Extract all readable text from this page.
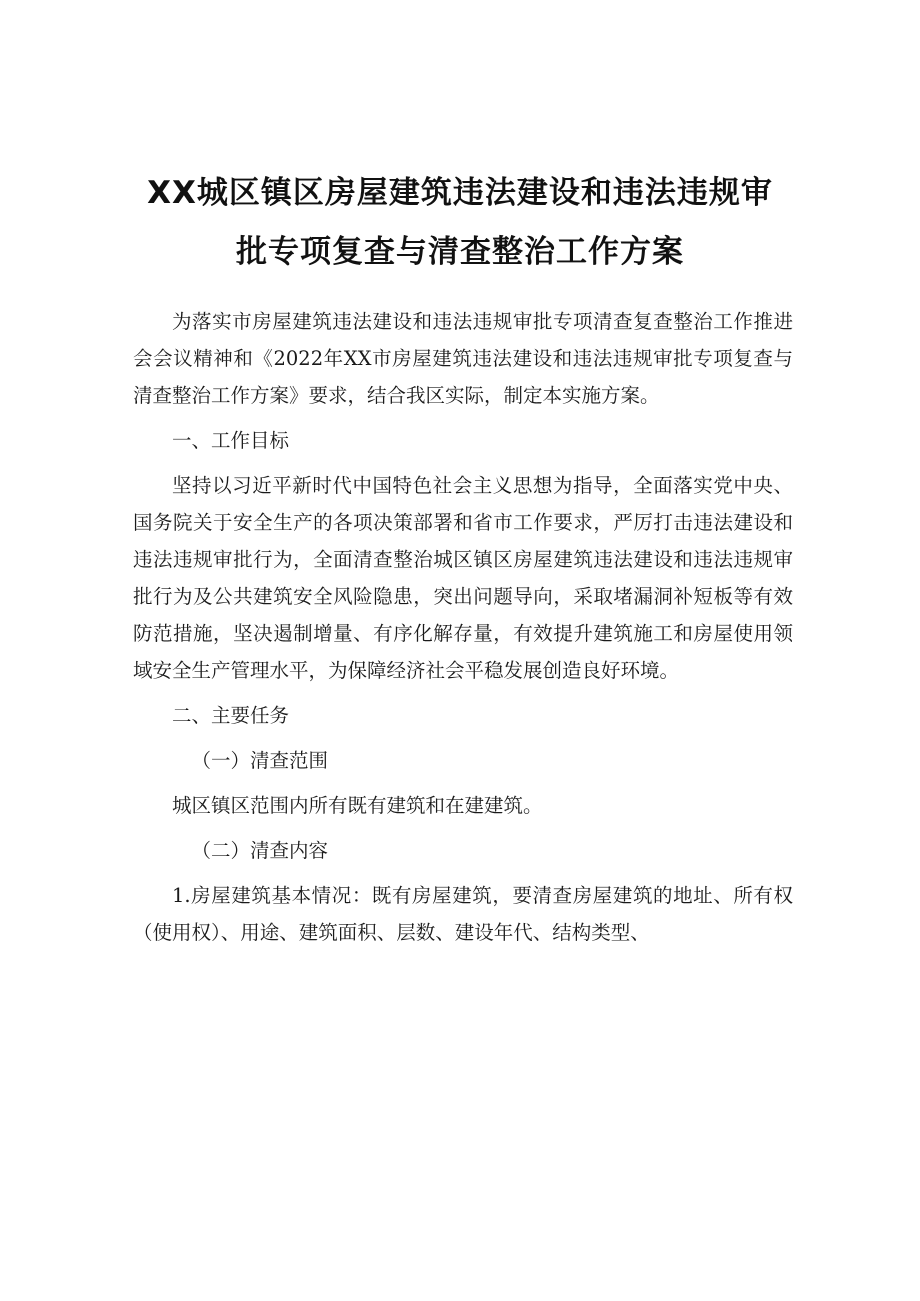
XX城区镇区房屋建筑违法建设和违法违规审
批专项复查与清查整治工作方案

为落实市房屋建筑违法建设和违法违规审批专项清查复查整治工作推进会会议精神和《2022年XX市房屋建筑违法建设和违法违规审批专项复查与清查整治工作方案》要求，结合我区实际，制定本实施方案。

一、工作目标

坚持以习近平新时代中国特色社会主义思想为指导，全面落实党中央、国务院关于安全生产的各项决策部署和省市工作要求，严厉打击违法建设和违法违规审批行为，全面清查整治城区镇区房屋建筑违法建设和违法违规审批行为及公共建筑安全风险隐患，突出问题导向，采取堵漏洞补短板等有效防范措施，坚决遏制增量、有序化解存量，有效提升建筑施工和房屋使用领域安全生产管理水平，为保障经济社会平稳发展创造良好环境。

二、主要任务

（一）清查范围

城区镇区范围内所有既有建筑和在建建筑。

（二）清查内容

1.房屋建筑基本情况：既有房屋建筑，要清查房屋建筑的地址、所有权（使用权）、用途、建筑面积、层数、建设年代、结构类型、
